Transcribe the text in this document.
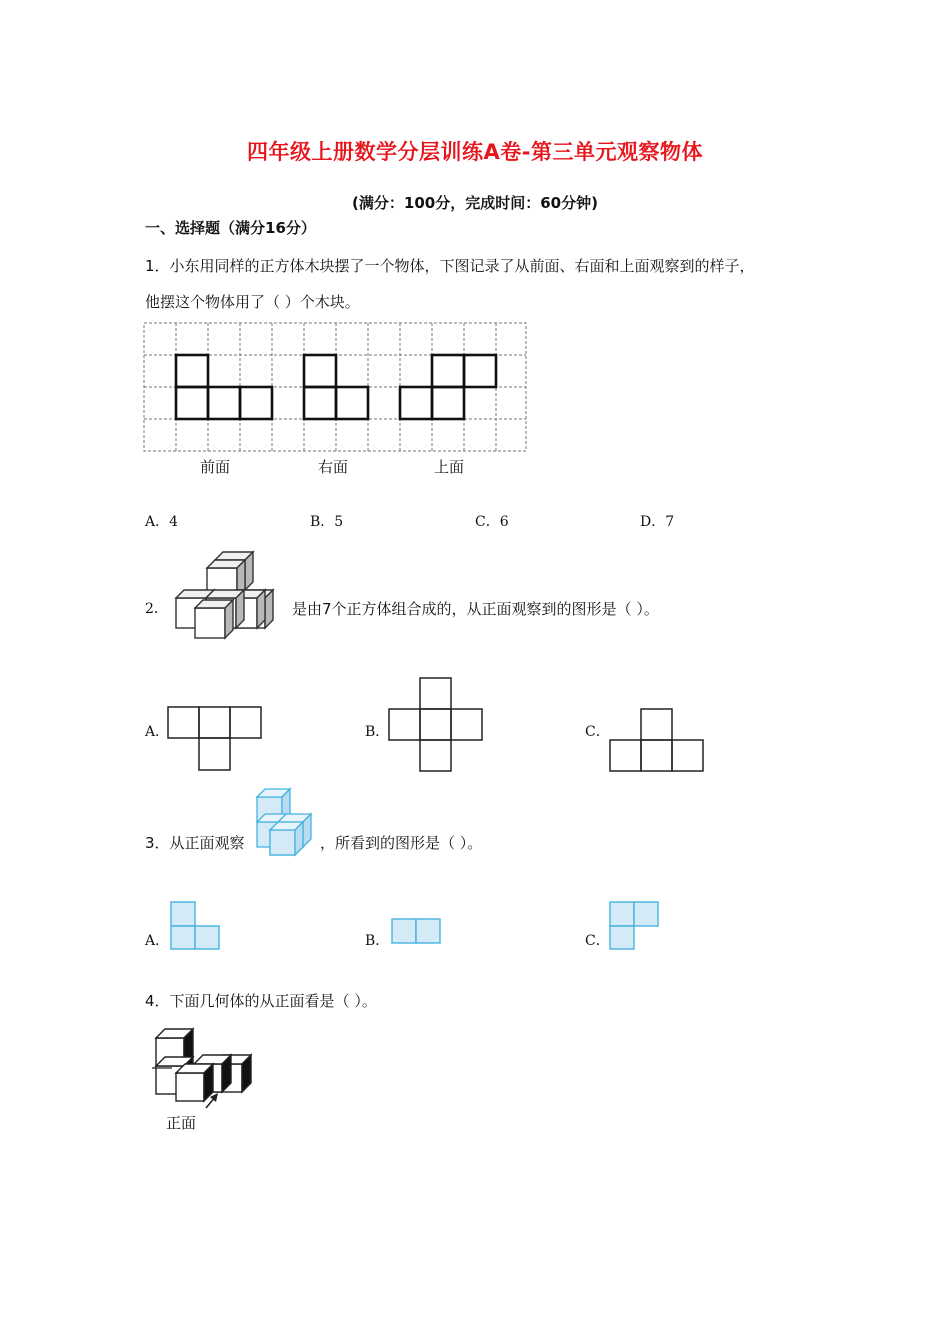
四年级上册数学分层训练A卷-第三单元观察物体
(满分：100分，完成时间：60分钟)
一、选择题（满分16分）
1．小东用同样的正方体木块摆了一个物体，下图记录了从前面、右面和上面观察到的样子，
他摆这个物体用了（ ）个木块。
前面	右面	上面
A．4	B．5	C．6	D．7
2．	是由7个正方体组合成的，从正面观察到的图形是（ ）。
A．	B．	C．
3．从正面观察	，所看到的图形是（ ）。
A．	B．	C．
4．下面几何体的从正面看是（ ）。
正面
